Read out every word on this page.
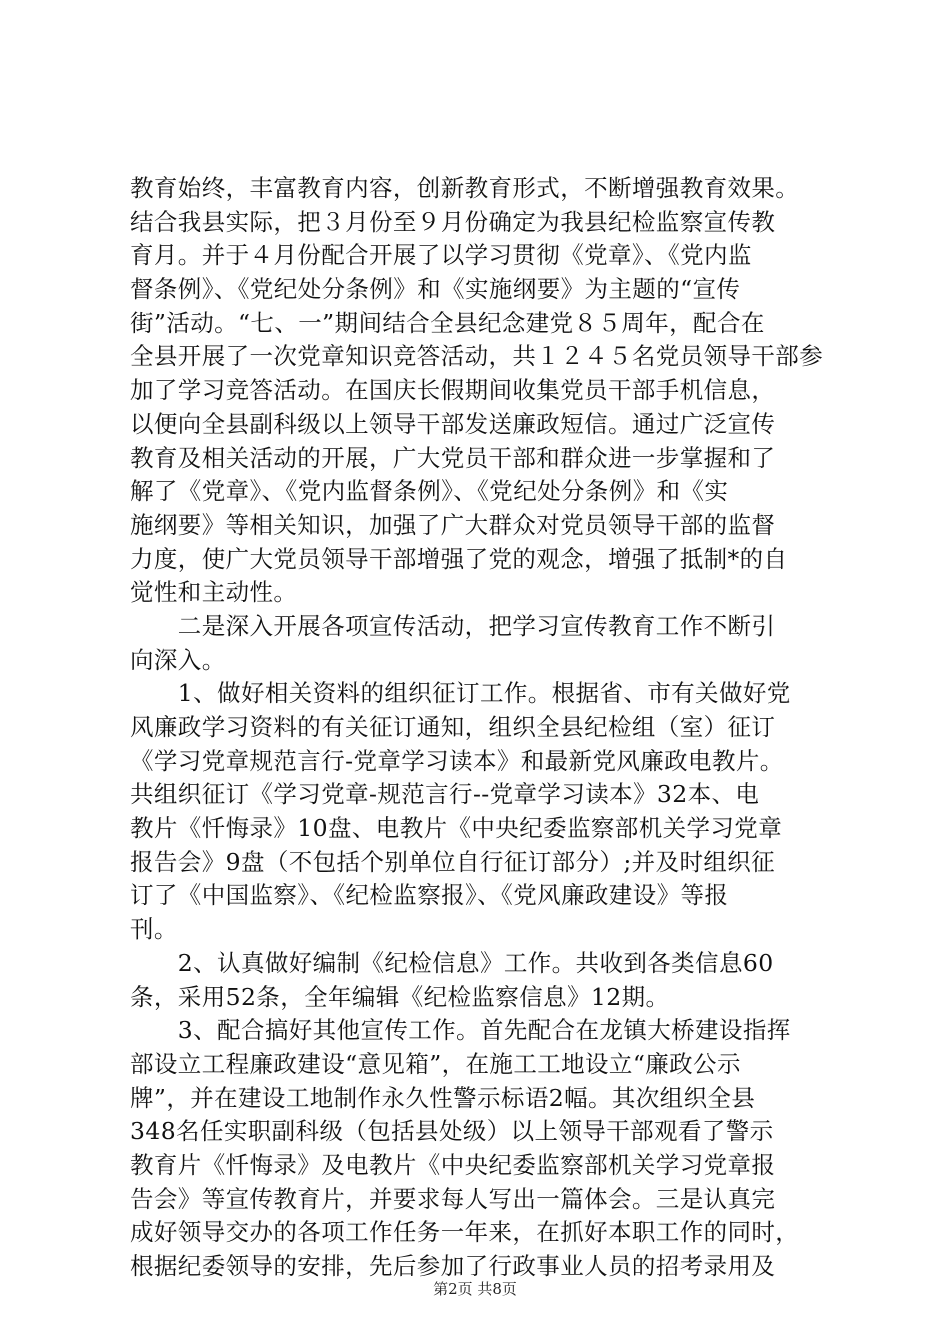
教育始终，丰富教育内容，创新教育形式，不断增强教育效果。
结合我县实际，把３月份至９月份确定为我县纪检监察宣传教
育月。并于４月份配合开展了以学习贯彻《党章》、《党内监
督条例》、《党纪处分条例》和《实施纲要》为主题的“宣传
街”活动。“七、一”期间结合全县纪念建党８５周年，配合在
全县开展了一次党章知识竞答活动，共１２４５名党员领导干部参
加了学习竞答活动。在国庆长假期间收集党员干部手机信息，
以便向全县副科级以上领导干部发送廉政短信。通过广泛宣传
教育及相关活动的开展，广大党员干部和群众进一步掌握和了
解了《党章》、《党内监督条例》、《党纪处分条例》和《实
施纲要》等相关知识，加强了广大群众对党员领导干部的监督
力度，使广大党员领导干部增强了党的观念，增强了抵制*的自
觉性和主动性。
　　二是深入开展各项宣传活动，把学习宣传教育工作不断引
向深入。
　　1、做好相关资料的组织征订工作。根据省、市有关做好党
风廉政学习资料的有关征订通知，组织全县纪检组（室）征订
《学习党章规范言行-党章学习读本》和最新党风廉政电教片。
共组织征订《学习党章-规范言行--党章学习读本》32本、电
教片《忏悔录》10盘、电教片《中央纪委监察部机关学习党章
报告会》9盘（不包括个别单位自行征订部分）;并及时组织征
订了《中国监察》、《纪检监察报》、《党风廉政建设》等报
刊。
　　2、认真做好编制《纪检信息》工作。共收到各类信息60
条，采用52条，全年编辑《纪检监察信息》12期。
　　3、配合搞好其他宣传工作。首先配合在龙镇大桥建设指挥
部设立工程廉政建设“意见箱”，在施工工地设立“廉政公示
牌”，并在建设工地制作永久性警示标语2幅。其次组织全县
348名任实职副科级（包括县处级）以上领导干部观看了警示
教育片《忏悔录》及电教片《中央纪委监察部机关学习党章报
告会》等宣传教育片，并要求每人写出一篇体会。三是认真完
成好领导交办的各项工作任务一年来，在抓好本职工作的同时，
根据纪委领导的安排，先后参加了行政事业人员的招考录用及
第2页 共8页
